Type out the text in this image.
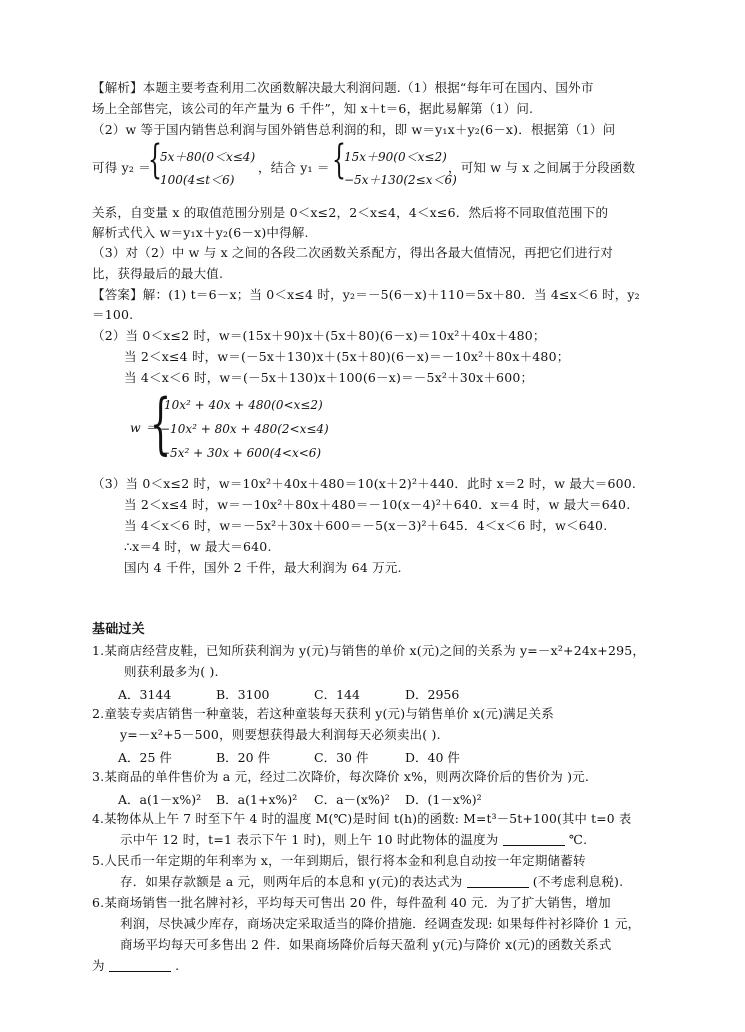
【解析】本题主要考查利用二次函数解决最大利润问题.（1）根据“每年可在国内、国外市
场上全部售完，该公司的年产量为 6 千件”，知 x＋t＝6，据此易解第（1）问.
（2）w 等于国内销售总利润与国外销售总利润的和，即 w＝y₁x＋y₂(6－x)．根据第（1）问
可得 y₂ ＝
{
5x＋80(0＜x≤4)
100(4≤t＜6)
，结合 y₁ ＝ {
15x＋90(0＜x≤2)
−5x＋130(2≤x＜6)
，可知 w 与 x 之间属于分段函数
关系，自变量 x 的取值范围分别是 0＜x≤2，2＜x≤4，4＜x≤6．然后将不同取值范围下的
解析式代入 w＝y₁x＋y₂(6－x)中得解.
（3）对（2）中 w 与 x 之间的各段二次函数关系配方，得出各最大值情况，再把它们进行对
比，获得最后的最大值.
【答案】解：(1) t＝6－x；当 0＜x≤4 时，y₂＝－5(6－x)＋110＝5x＋80．当 4≤x＜6 时，y₂
＝100.
（2）当 0＜x≤2 时，w＝(15x＋90)x＋(5x＋80)(6－x)＝10x²＋40x＋480；
当 2＜x≤4 时，w＝(－5x＋130)x＋(5x＋80)(6－x)＝－10x²＋80x＋480；
当 4＜x＜6 时，w＝(－5x＋130)x＋100(6－x)＝－5x²＋30x＋600；
w ＝
{
10x² + 40x + 480(0<x≤2)
−10x² + 80x + 480(2<x≤4)
−5x² + 30x + 600(4<x<6)
（3）当 0＜x≤2 时，w＝10x²＋40x＋480＝10(x＋2)²＋440．此时 x＝2 时，w 最大＝600.
当 2＜x≤4 时，w＝－10x²＋80x＋480＝－10(x－4)²＋640．x＝4 时，w 最大＝640.
当 4＜x＜6 时，w＝－5x²＋30x＋600＝－5(x－3)²＋645．4＜x＜6 时，w＜640.
∴x＝4 时，w 最大＝640.
国内 4 千件，国外 2 千件，最大利润为 64 万元.
基础过关
1.某商店经营皮鞋，已知所获利润为 y(元)与销售的单价 x(元)之间的关系为 y=－x²+24x+295，
则获利最多为( ).
A．3144	B．3100	C．144	D．2956
2.童装专卖店销售一种童装，若这种童装每天获利 y(元)与销售单价 x(元)满足关系
y=－x²+5－500，则要想获得最大利润每天必须卖出( ).
A．25 件	B．20 件	C．30 件	D．40 件
3.某商品的单件售价为 a 元，经过二次降价，每次降价 x%，则两次降价后的售价为 )元.
A．a(1－x%)² B．a(1+x%)² C．a－(x%)² D．(1－x%)²
4.某物体从上午 7 时至下午 4 时的温度 M(℃)是时间 t(h)的函数: M=t³－5t+100(其中 t=0 表
示中午 12 时，t=1 表示下午 1 时)，则上午 10 时此物体的温度为	℃.
5.人民币一年定期的年利率为 x，一年到期后，银行将本金和利息自动按一年定期储蓄转
存．如果存款额是 a 元，则两年后的本息和 y(元)的表达式为	(不考虑利息税).
6.某商场销售一批名牌衬衫，平均每天可售出 20 件，每件盈利 40 元．为了扩大销售，增加
利润，尽快减少库存，商场决定采取适当的降价措施．经调查发现: 如果每件衬衫降价 1 元，
商场平均每天可多售出 2 件．如果商场降价后每天盈利 y(元)与降价 x(元)的函数关系式
为	.
